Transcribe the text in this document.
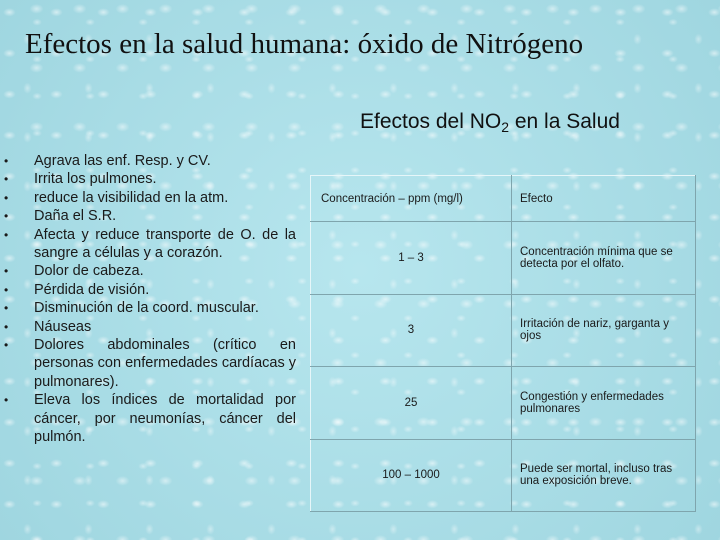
Efectos en la salud humana: óxido de Nitrógeno
Efectos del $NO_2$ en la Salud
• Agrava las enf. Resp. y CV.
• Irrita los pulmones.
• reduce la visibilidad en la atm.
• Daña el S.R.
• Afecta y reduce transporte de O. de la sangre a células y a corazón.
• Dolor de cabeza.
• Pérdida de visión.
• Disminución de la coord. muscular.
• Náuseas
• Dolores abdominales (crítico en personas con enfermedades cardíacas y pulmonares).
• Eleva los índices de mortalidad por cáncer, por neumonías, cáncer del pulmón.
Concentración – ppm (mg/l)	Efecto
1 – 3	Concentración mínima que se detecta por el olfato.
3	Irritación de nariz, garganta y ojos
25	Congestión y enfermedades pulmonares
100 – 1000	Puede ser mortal, incluso tras una exposición breve.
